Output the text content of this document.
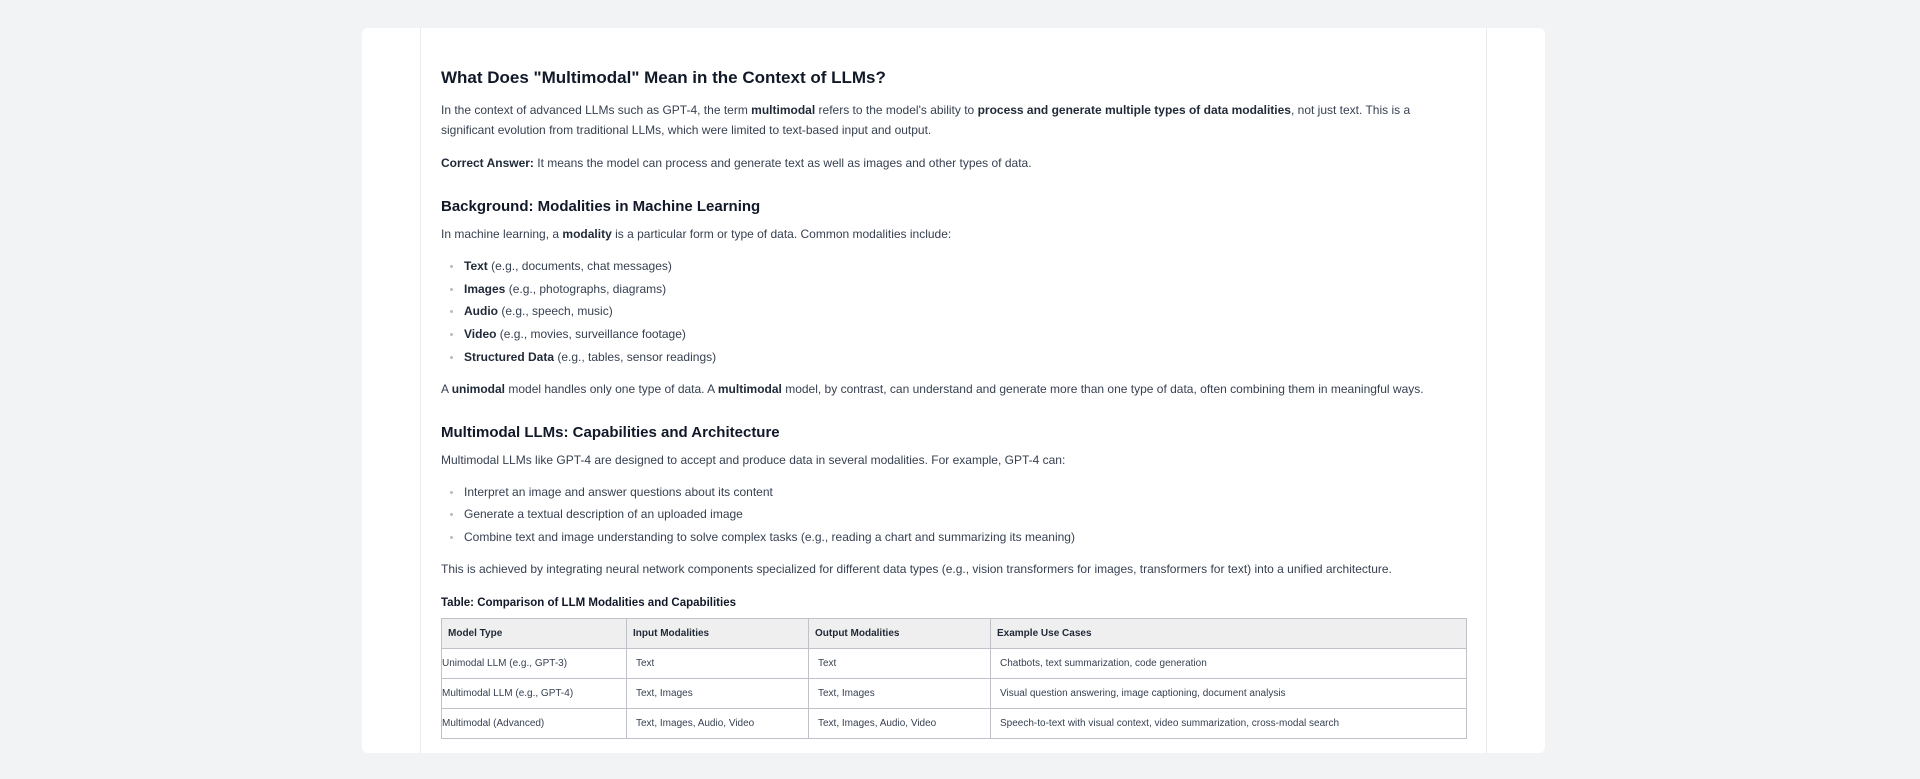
What Does "Multimodal" Mean in the Context of LLMs?

In the context of advanced LLMs such as GPT-4, the term multimodal refers to the model's ability to process and generate multiple types of data modalities, not just text. This is a significant evolution from traditional LLMs, which were limited to text-based input and output.

Correct Answer: It means the model can process and generate text as well as images and other types of data.

Background: Modalities in Machine Learning

In machine learning, a modality is a particular form or type of data. Common modalities include:

Text (e.g., documents, chat messages)
Images (e.g., photographs, diagrams)
Audio (e.g., speech, music)
Video (e.g., movies, surveillance footage)
Structured Data (e.g., tables, sensor readings)

A unimodal model handles only one type of data. A multimodal model, by contrast, can understand and generate more than one type of data, often combining them in meaningful ways.

Multimodal LLMs: Capabilities and Architecture

Multimodal LLMs like GPT-4 are designed to accept and produce data in several modalities. For example, GPT-4 can:

Interpret an image and answer questions about its content
Generate a textual description of an uploaded image
Combine text and image understanding to solve complex tasks (e.g., reading a chart and summarizing its meaning)

This is achieved by integrating neural network components specialized for different data types (e.g., vision transformers for images, transformers for text) into a unified architecture.

Table: Comparison of LLM Modalities and Capabilities
Model Type	Input Modalities	Output Modalities	Example Use Cases
Unimodal LLM (e.g., GPT-3)	Text	Text	Chatbots, text summarization, code generation
Multimodal LLM (e.g., GPT-4)	Text, Images	Text, Images	Visual question answering, image captioning, document analysis
Multimodal (Advanced)	Text, Images, Audio, Video	Text, Images, Audio, Video	Speech-to-text with visual context, video summarization, cross-modal search
